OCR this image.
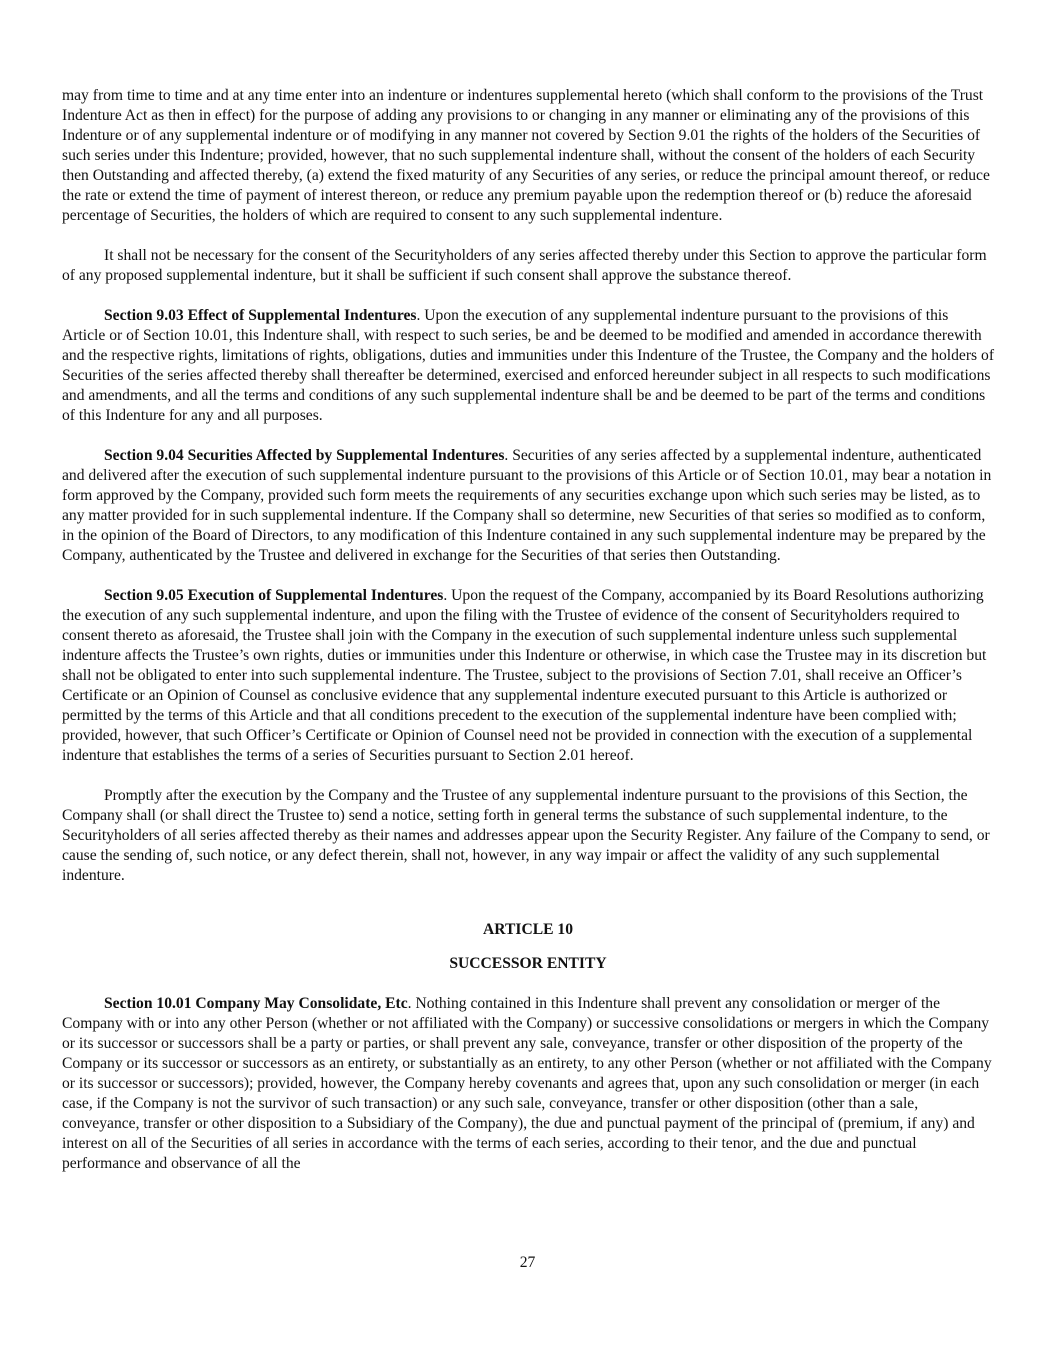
may from time to time and at any time enter into an indenture or indentures supplemental hereto (which shall conform to the provisions of the Trust Indenture Act as then in effect) for the purpose of adding any provisions to or changing in any manner or eliminating any of the provisions of this Indenture or of any supplemental indenture or of modifying in any manner not covered by Section 9.01 the rights of the holders of the Securities of such series under this Indenture; provided, however, that no such supplemental indenture shall, without the consent of the holders of each Security then Outstanding and affected thereby, (a) extend the fixed maturity of any Securities of any series, or reduce the principal amount thereof, or reduce the rate or extend the time of payment of interest thereon, or reduce any premium payable upon the redemption thereof or (b) reduce the aforesaid percentage of Securities, the holders of which are required to consent to any such supplemental indenture.

It shall not be necessary for the consent of the Securityholders of any series affected thereby under this Section to approve the particular form of any proposed supplemental indenture, but it shall be sufficient if such consent shall approve the substance thereof.

Section 9.03 Effect of Supplemental Indentures. Upon the execution of any supplemental indenture pursuant to the provisions of this Article or of Section 10.01, this Indenture shall, with respect to such series, be and be deemed to be modified and amended in accordance therewith and the respective rights, limitations of rights, obligations, duties and immunities under this Indenture of the Trustee, the Company and the holders of Securities of the series affected thereby shall thereafter be determined, exercised and enforced hereunder subject in all respects to such modifications and amendments, and all the terms and conditions of any such supplemental indenture shall be and be deemed to be part of the terms and conditions of this Indenture for any and all purposes.

Section 9.04 Securities Affected by Supplemental Indentures. Securities of any series affected by a supplemental indenture, authenticated and delivered after the execution of such supplemental indenture pursuant to the provisions of this Article or of Section 10.01, may bear a notation in form approved by the Company, provided such form meets the requirements of any securities exchange upon which such series may be listed, as to any matter provided for in such supplemental indenture. If the Company shall so determine, new Securities of that series so modified as to conform, in the opinion of the Board of Directors, to any modification of this Indenture contained in any such supplemental indenture may be prepared by the Company, authenticated by the Trustee and delivered in exchange for the Securities of that series then Outstanding.

Section 9.05 Execution of Supplemental Indentures. Upon the request of the Company, accompanied by its Board Resolutions authorizing the execution of any such supplemental indenture, and upon the filing with the Trustee of evidence of the consent of Securityholders required to consent thereto as aforesaid, the Trustee shall join with the Company in the execution of such supplemental indenture unless such supplemental indenture affects the Trustee’s own rights, duties or immunities under this Indenture or otherwise, in which case the Trustee may in its discretion but shall not be obligated to enter into such supplemental indenture. The Trustee, subject to the provisions of Section 7.01, shall receive an Officer’s Certificate or an Opinion of Counsel as conclusive evidence that any supplemental indenture executed pursuant to this Article is authorized or permitted by the terms of this Article and that all conditions precedent to the execution of the supplemental indenture have been complied with; provided, however, that such Officer’s Certificate or Opinion of Counsel need not be provided in connection with the execution of a supplemental indenture that establishes the terms of a series of Securities pursuant to Section 2.01 hereof.

Promptly after the execution by the Company and the Trustee of any supplemental indenture pursuant to the provisions of this Section, the Company shall (or shall direct the Trustee to) send a notice, setting forth in general terms the substance of such supplemental indenture, to the Securityholders of all series affected thereby as their names and addresses appear upon the Security Register. Any failure of the Company to send, or cause the sending of, such notice, or any defect therein, shall not, however, in any way impair or affect the validity of any such supplemental indenture.

ARTICLE 10
SUCCESSOR ENTITY

Section 10.01 Company May Consolidate, Etc. Nothing contained in this Indenture shall prevent any consolidation or merger of the Company with or into any other Person (whether or not affiliated with the Company) or successive consolidations or mergers in which the Company or its successor or successors shall be a party or parties, or shall prevent any sale, conveyance, transfer or other disposition of the property of the Company or its successor or successors as an entirety, or substantially as an entirety, to any other Person (whether or not affiliated with the Company or its successor or successors); provided, however, the Company hereby covenants and agrees that, upon any such consolidation or merger (in each case, if the Company is not the survivor of such transaction) or any such sale, conveyance, transfer or other disposition (other than a sale, conveyance, transfer or other disposition to a Subsidiary of the Company), the due and punctual payment of the principal of (premium, if any) and interest on all of the Securities of all series in accordance with the terms of each series, according to their tenor, and the due and punctual performance and observance of all the

27
